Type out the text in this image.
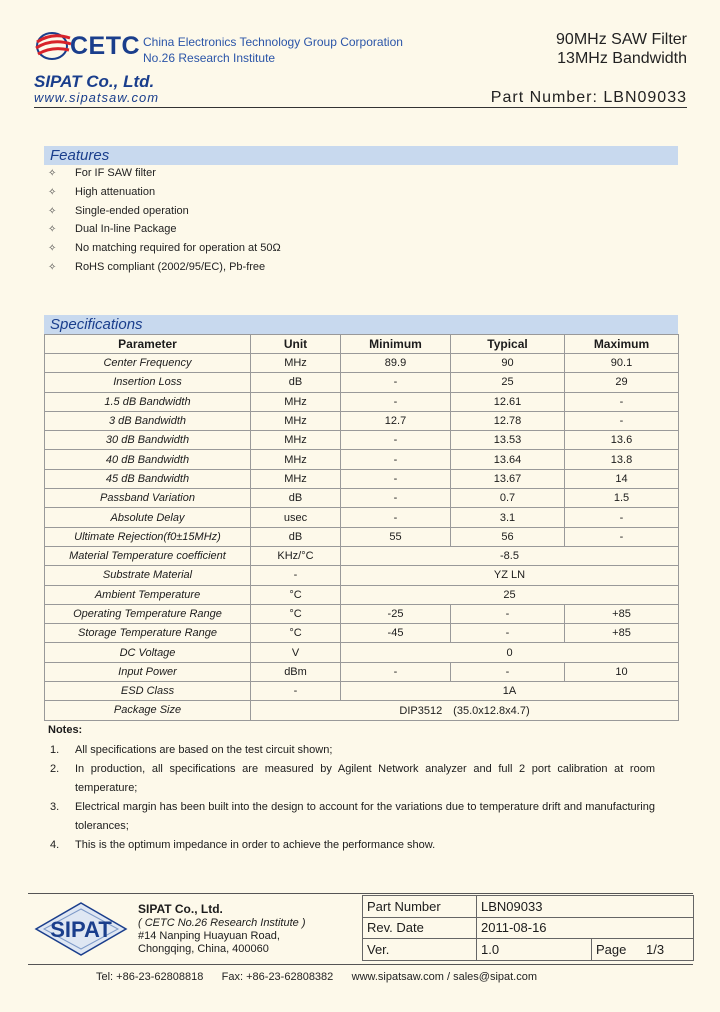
CETC China Electronics Technology Group Corporation
No.26 Research Institute
90MHz SAW Filter
13MHz Bandwidth
SIPAT Co., Ltd.
www.sipatsaw.com	Part Number: LBN09033
Features
✧ For IF SAW filter
✧ High attenuation
✧ Single-ended operation
✧ Dual In-line Package
✧ No matching required for operation at 50Ω
✧ RoHS compliant (2002/95/EC), Pb-free
Specifications
Parameter	Unit	Minimum	Typical	Maximum
Center Frequency	MHz	89.9	90	90.1
Insertion Loss	dB	-	25	29
1.5 dB Bandwidth	MHz	-	12.61	-
3 dB Bandwidth	MHz	12.7	12.78	-
30 dB Bandwidth	MHz	-	13.53	13.6
40 dB Bandwidth	MHz	-	13.64	13.8
45 dB Bandwidth	MHz	-	13.67	14
Passband Variation	dB	-	0.7	1.5
Absolute Delay	usec	-	3.1	-
Ultimate Rejection(f0±15MHz)	dB	55	56	-
Material Temperature coefficient	KHz/°C	-8.5		
Substrate Material	-	YZ LN		
Ambient Temperature	°C	25		
Operating Temperature Range	°C	-25	-	+85
Storage Temperature Range	°C	-45	-	+85
DC Voltage	V	0		
Input Power	dBm	-	-	10
ESD Class	-	1A		
Package Size	DIP3512　(35.0x12.8x4.7)			
Notes:
1. All specifications are based on the test circuit shown;
2. In production, all specifications are measured by Agilent Network analyzer and full 2 port calibration at room temperature;
3. Electrical margin has been built into the design to account for the variations due to temperature drift and manufacturing tolerances;
4. This is the optimum impedance in order to achieve the performance show.
SIPAT
SIPAT Co., Ltd.
( CETC No.26 Research Institute )
#14 Nanping Huayuan Road,
Chongqing, China, 400060
Part Number	LBN09033	
Rev. Date	2011-08-16	
Ver.	1.0	Page 1/3
Tel: +86-23-62808818      Fax: +86-23-62808382      www.sipatsaw.com / sales@sipat.com
